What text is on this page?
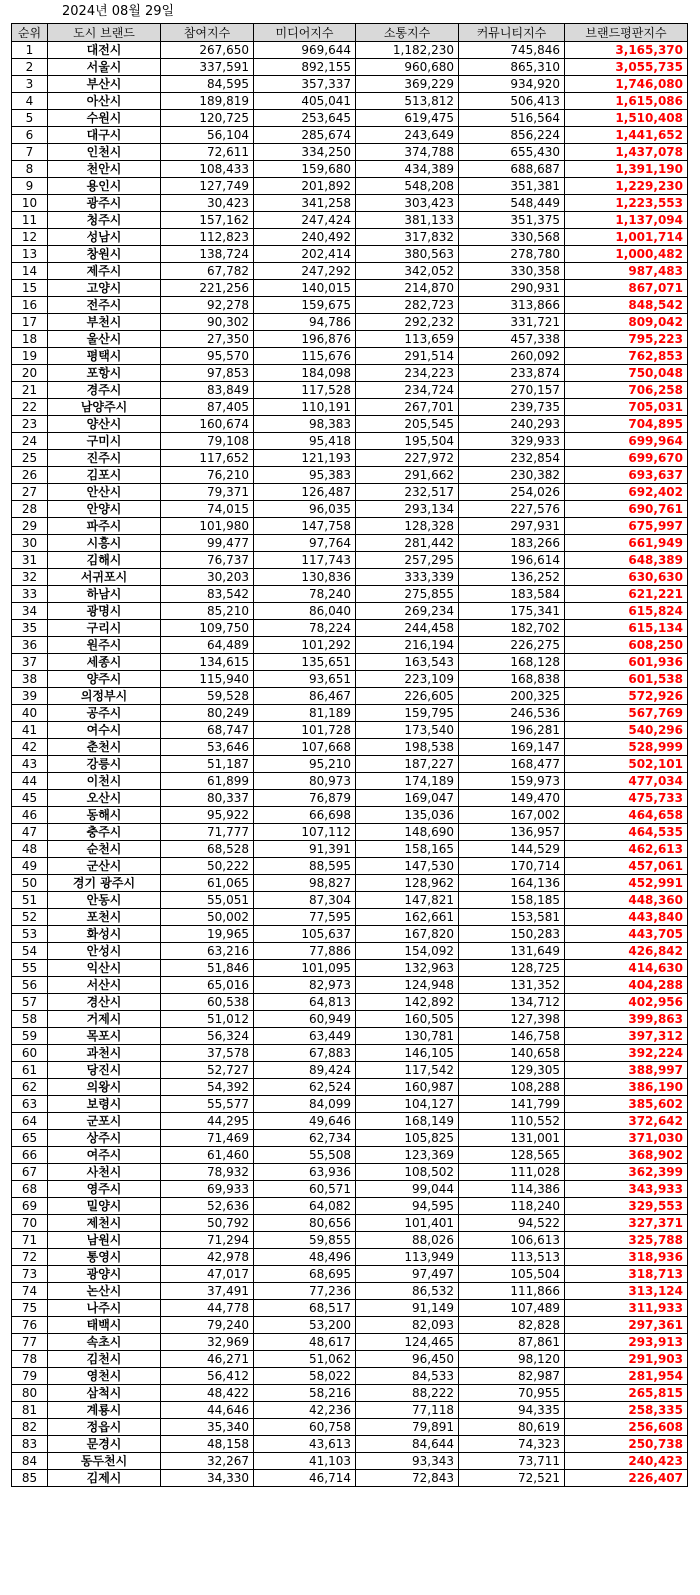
2024년 08월 29일
순위	도시 브랜드	참여지수	미디어지수	소통지수	커뮤니티지수	브랜드평판지수
1	대전시	267,650	969,644	1,182,230	745,846	3,165,370
2	서울시	337,591	892,155	960,680	865,310	3,055,735
3	부산시	84,595	357,337	369,229	934,920	1,746,080
4	아산시	189,819	405,041	513,812	506,413	1,615,086
5	수원시	120,725	253,645	619,475	516,564	1,510,408
6	대구시	56,104	285,674	243,649	856,224	1,441,652
7	인천시	72,611	334,250	374,788	655,430	1,437,078
8	천안시	108,433	159,680	434,389	688,687	1,391,190
9	용인시	127,749	201,892	548,208	351,381	1,229,230
10	광주시	30,423	341,258	303,423	548,449	1,223,553
11	청주시	157,162	247,424	381,133	351,375	1,137,094
12	성남시	112,823	240,492	317,832	330,568	1,001,714
13	창원시	138,724	202,414	380,563	278,780	1,000,482
14	제주시	67,782	247,292	342,052	330,358	987,483
15	고양시	221,256	140,015	214,870	290,931	867,071
16	전주시	92,278	159,675	282,723	313,866	848,542
17	부천시	90,302	94,786	292,232	331,721	809,042
18	울산시	27,350	196,876	113,659	457,338	795,223
19	평택시	95,570	115,676	291,514	260,092	762,853
20	포항시	97,853	184,098	234,223	233,874	750,048
21	경주시	83,849	117,528	234,724	270,157	706,258
22	남양주시	87,405	110,191	267,701	239,735	705,031
23	양산시	160,674	98,383	205,545	240,293	704,895
24	구미시	79,108	95,418	195,504	329,933	699,964
25	진주시	117,652	121,193	227,972	232,854	699,670
26	김포시	76,210	95,383	291,662	230,382	693,637
27	안산시	79,371	126,487	232,517	254,026	692,402
28	안양시	74,015	96,035	293,134	227,576	690,761
29	파주시	101,980	147,758	128,328	297,931	675,997
30	시흥시	99,477	97,764	281,442	183,266	661,949
31	김해시	76,737	117,743	257,295	196,614	648,389
32	서귀포시	30,203	130,836	333,339	136,252	630,630
33	하남시	83,542	78,240	275,855	183,584	621,221
34	광명시	85,210	86,040	269,234	175,341	615,824
35	구리시	109,750	78,224	244,458	182,702	615,134
36	원주시	64,489	101,292	216,194	226,275	608,250
37	세종시	134,615	135,651	163,543	168,128	601,936
38	양주시	115,940	93,651	223,109	168,838	601,538
39	의정부시	59,528	86,467	226,605	200,325	572,926
40	공주시	80,249	81,189	159,795	246,536	567,769
41	여수시	68,747	101,728	173,540	196,281	540,296
42	춘천시	53,646	107,668	198,538	169,147	528,999
43	강릉시	51,187	95,210	187,227	168,477	502,101
44	이천시	61,899	80,973	174,189	159,973	477,034
45	오산시	80,337	76,879	169,047	149,470	475,733
46	동해시	95,922	66,698	135,036	167,002	464,658
47	충주시	71,777	107,112	148,690	136,957	464,535
48	순천시	68,528	91,391	158,165	144,529	462,613
49	군산시	50,222	88,595	147,530	170,714	457,061
50	경기 광주시	61,065	98,827	128,962	164,136	452,991
51	안동시	55,051	87,304	147,821	158,185	448,360
52	포천시	50,002	77,595	162,661	153,581	443,840
53	화성시	19,965	105,637	167,820	150,283	443,705
54	안성시	63,216	77,886	154,092	131,649	426,842
55	익산시	51,846	101,095	132,963	128,725	414,630
56	서산시	65,016	82,973	124,948	131,352	404,288
57	경산시	60,538	64,813	142,892	134,712	402,956
58	거제시	51,012	60,949	160,505	127,398	399,863
59	목포시	56,324	63,449	130,781	146,758	397,312
60	과천시	37,578	67,883	146,105	140,658	392,224
61	당진시	52,727	89,424	117,542	129,305	388,997
62	의왕시	54,392	62,524	160,987	108,288	386,190
63	보령시	55,577	84,099	104,127	141,799	385,602
64	군포시	44,295	49,646	168,149	110,552	372,642
65	상주시	71,469	62,734	105,825	131,001	371,030
66	여주시	61,460	55,508	123,369	128,565	368,902
67	사천시	78,932	63,936	108,502	111,028	362,399
68	영주시	69,933	60,571	99,044	114,386	343,933
69	밀양시	52,636	64,082	94,595	118,240	329,553
70	제천시	50,792	80,656	101,401	94,522	327,371
71	남원시	71,294	59,855	88,026	106,613	325,788
72	통영시	42,978	48,496	113,949	113,513	318,936
73	광양시	47,017	68,695	97,497	105,504	318,713
74	논산시	37,491	77,236	86,532	111,866	313,124
75	나주시	44,778	68,517	91,149	107,489	311,933
76	태백시	79,240	53,200	82,093	82,828	297,361
77	속초시	32,969	48,617	124,465	87,861	293,913
78	김천시	46,271	51,062	96,450	98,120	291,903
79	영천시	56,412	58,022	84,533	82,987	281,954
80	삼척시	48,422	58,216	88,222	70,955	265,815
81	계룡시	44,646	42,236	77,118	94,335	258,335
82	정읍시	35,340	60,758	79,891	80,619	256,608
83	문경시	48,158	43,613	84,644	74,323	250,738
84	동두천시	32,267	41,103	93,343	73,711	240,423
85	김제시	34,330	46,714	72,843	72,521	226,407
